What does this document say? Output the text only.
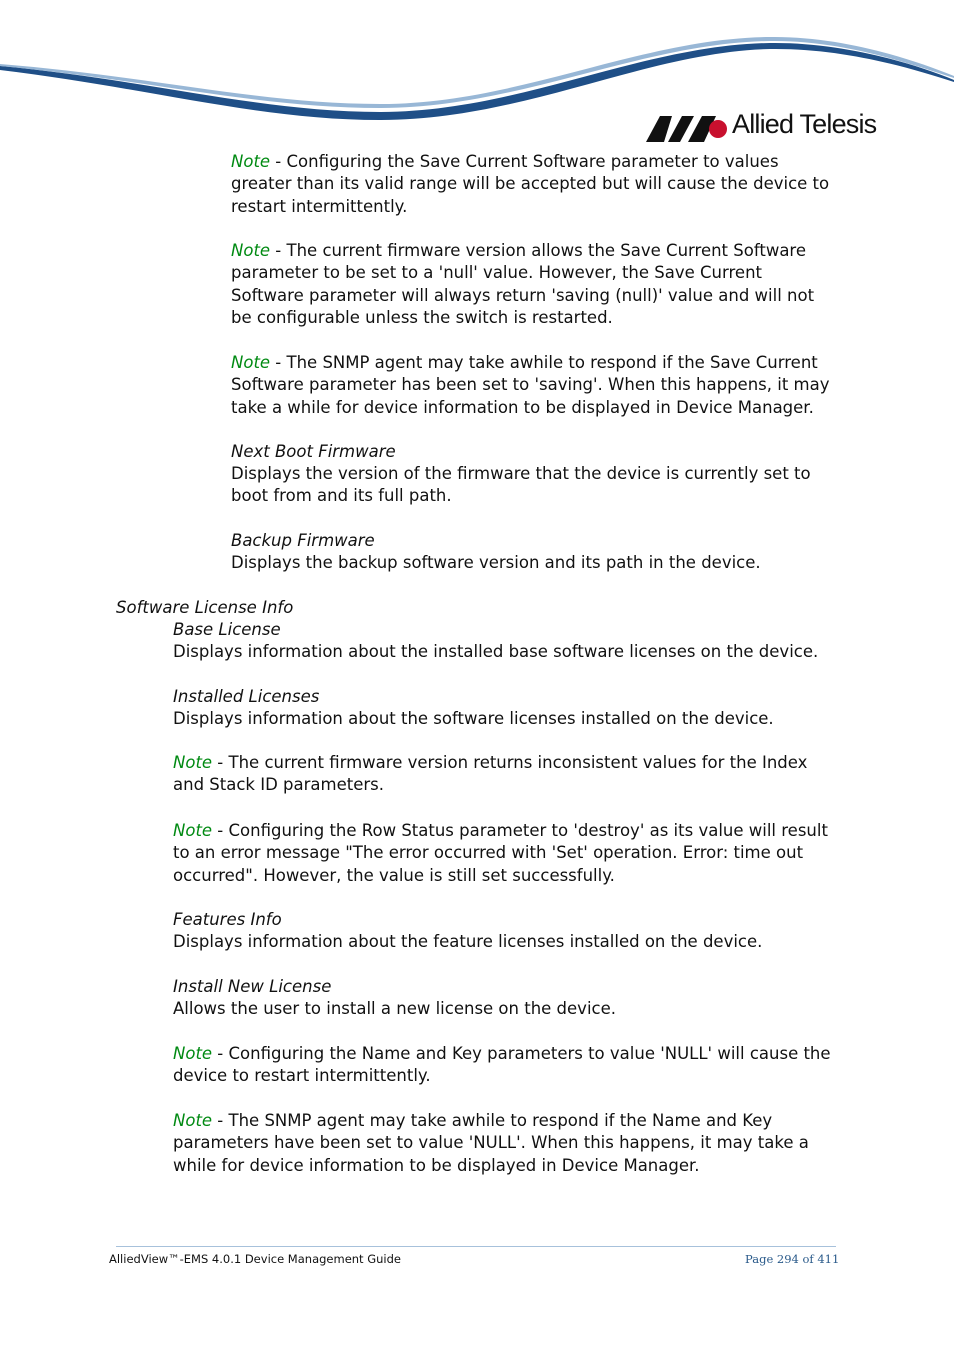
Allied Telesis

Note - Configuring the Save Current Software parameter to values greater than its valid range will be accepted but will cause the device to restart intermittently.

Note - The current firmware version allows the Save Current Software parameter to be set to a 'null' value. However, the Save Current Software parameter will always return 'saving (null)' value and will not be configurable unless the switch is restarted.

Note - The SNMP agent may take awhile to respond if the Save Current Software parameter has been set to 'saving'. When this happens, it may take a while for device information to be displayed in Device Manager.

Next Boot Firmware

Displays the version of the firmware that the device is currently set to boot from and its full path.

Backup Firmware

Displays the backup software version and its path in the device.

Software License Info

Base License

Displays information about the installed base software licenses on the device.

Installed Licenses

Displays information about the software licenses installed on the device.

Note - The current firmware version returns inconsistent values for the Index and Stack ID parameters.

Note - Configuring the Row Status parameter to 'destroy' as its value will result to an error message "The error occurred with 'Set' operation. Error: time out occurred". However, the value is still set successfully.

Features Info

Displays information about the feature licenses installed on the device.

Install New License

Allows the user to install a new license on the device.

Note - Configuring the Name and Key parameters to value 'NULL' will cause the device to restart intermittently.

Note - The SNMP agent may take awhile to respond if the Name and Key parameters have been set to value 'NULL'. When this happens, it may take a while for device information to be displayed in Device Manager.

AlliedView™-EMS 4.0.1 Device Management Guide	Page 294 of 411
